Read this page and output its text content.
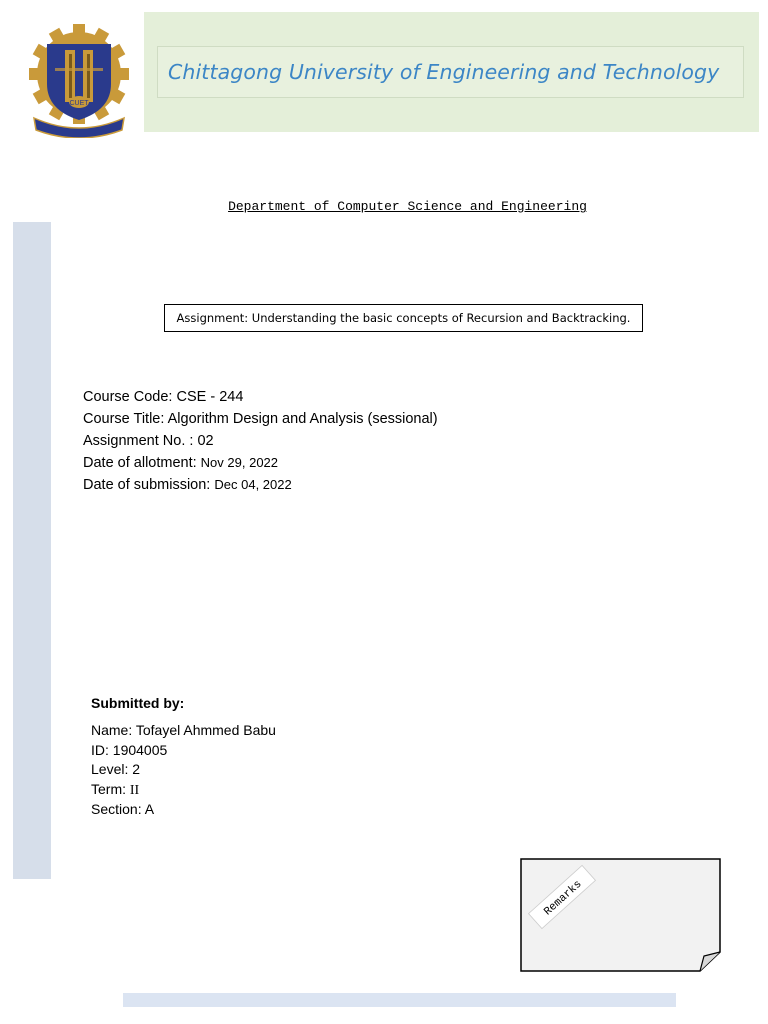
CUET
Chittagong University of Engineering and Technology
Department of Computer Science and Engineering
Assignment: Understanding the basic concepts of Recursion and Backtracking.
Course Code: CSE - 244
Course Title: Algorithm Design and Analysis (sessional)
Assignment No. : 02
Date of allotment: Nov 29, 2022
Date of submission: Dec 04, 2022
Submitted by:
Name: Tofayel Ahmmed Babu
ID: 1904005
Level: 2
Term: II
Section: A
Remarks
